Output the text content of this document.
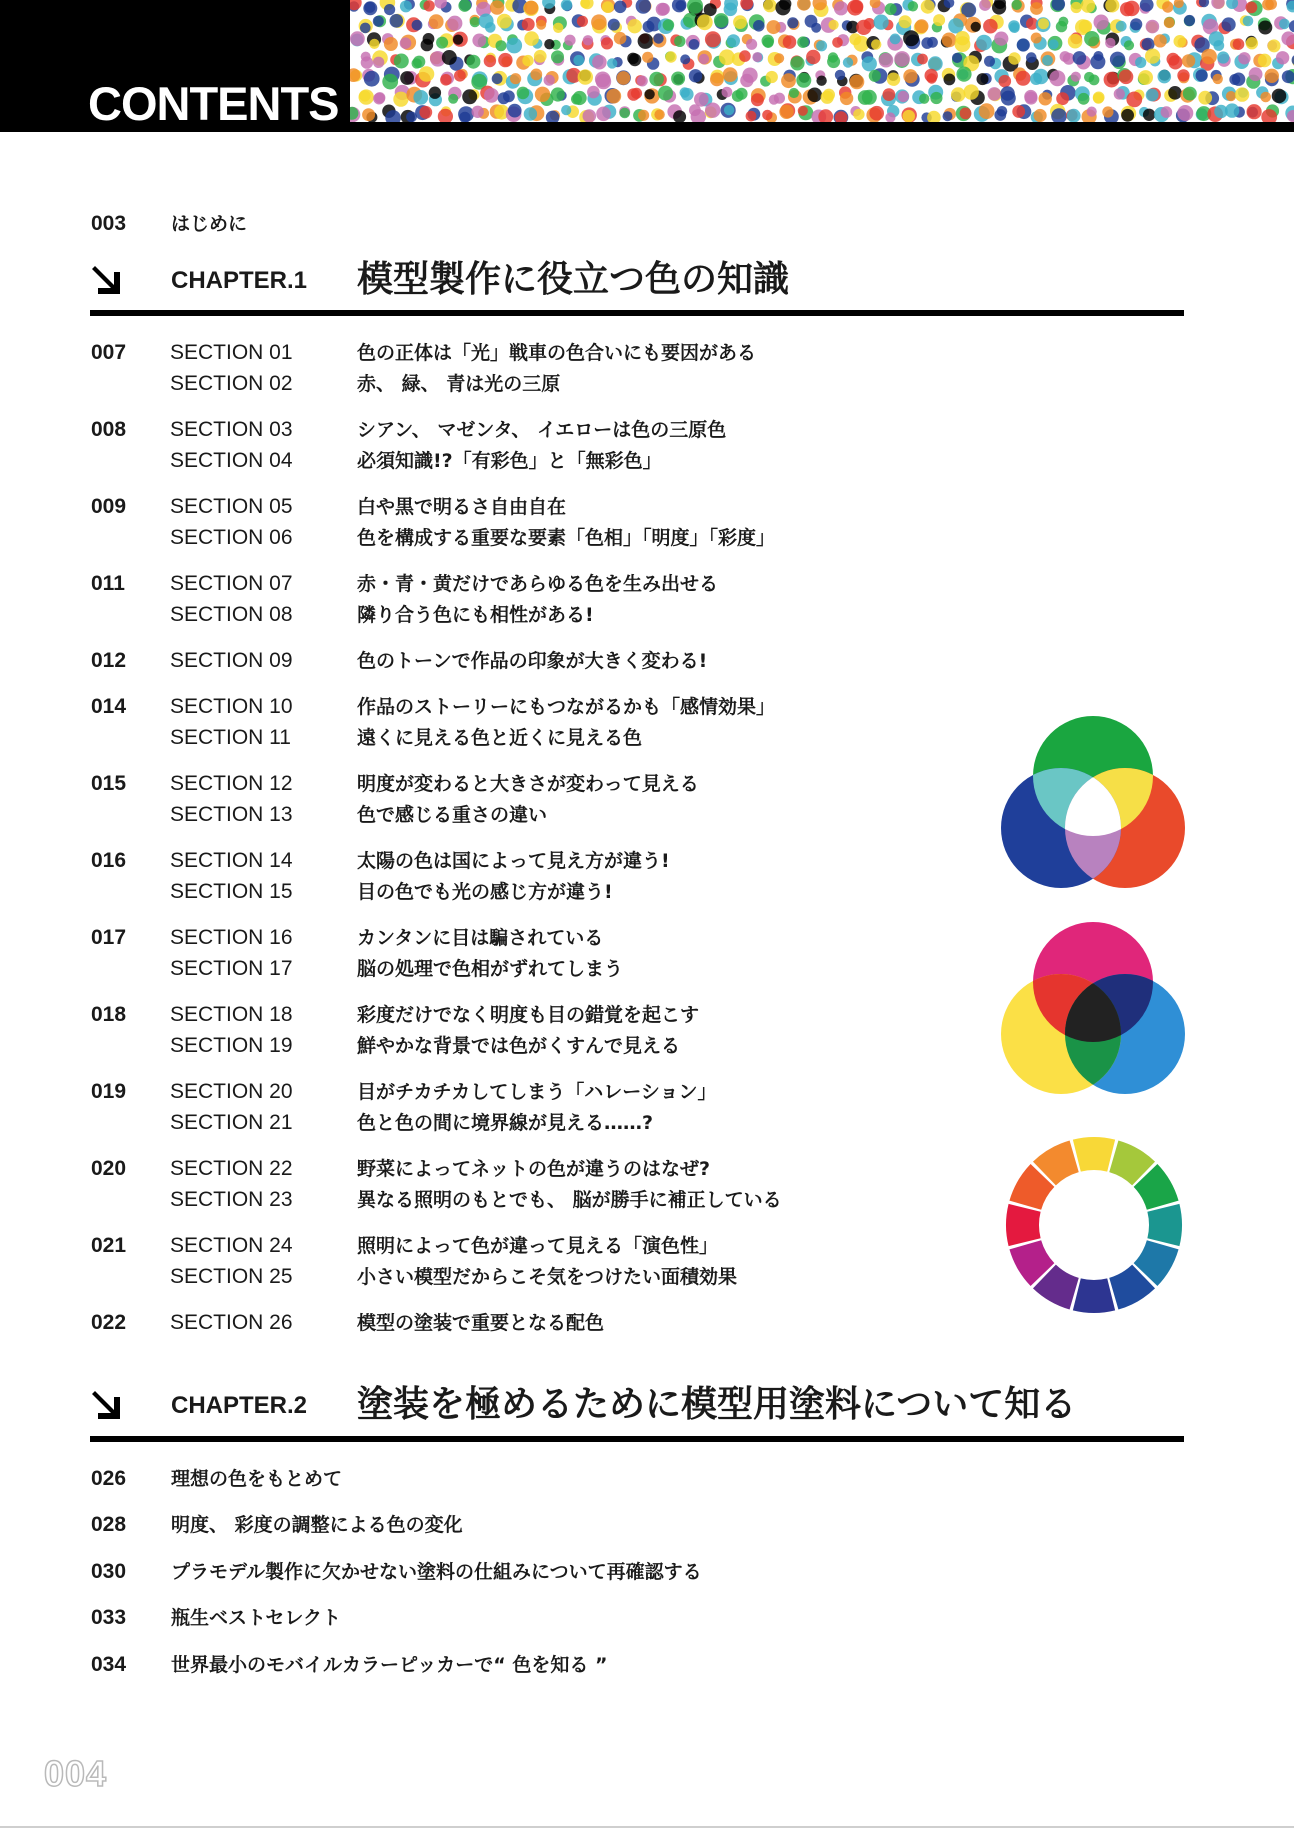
CONTENTS
003 はじめに
CHAPTER.1 模型製作に役立つ色の知識
007 SECTION 01	色の正体は「光」戦車の色合いにも要因がある
SECTION 02	赤、 緑、 青は光の三原
008 SECTION 03	シアン、 マゼンタ、 イエローは色の三原色
SECTION 04	必須知識!?「有彩色」と「無彩色」
009 SECTION 05	白や黒で明るさ自由自在
SECTION 06	色を構成する重要な要素「色相」「明度」「彩度」
011 SECTION 07	赤・青・黄だけであらゆる色を生み出せる
SECTION 08	隣り合う色にも相性がある!
012 SECTION 09	色のトーンで作品の印象が大きく変わる!
014 SECTION 10	作品のストーリーにもつながるかも「感情効果」
SECTION 11	遠くに見える色と近くに見える色
015 SECTION 12	明度が変わると大きさが変わって見える
SECTION 13	色で感じる重さの違い
016 SECTION 14	太陽の色は国によって見え方が違う!
SECTION 15	目の色でも光の感じ方が違う!
017 SECTION 16	カンタンに目は騙されている
SECTION 17	脳の処理で色相がずれてしまう
018 SECTION 18	彩度だけでなく明度も目の錯覚を起こす
SECTION 19	鮮やかな背景では色がくすんで見える
019 SECTION 20	目がチカチカしてしまう「ハレーション」
SECTION 21	色と色の間に境界線が見える……?
020 SECTION 22	野菜によってネットの色が違うのはなぜ?
SECTION 23	異なる照明のもとでも、 脳が勝手に補正している
021 SECTION 24	照明によって色が違って見える「演色性」
SECTION 25	小さい模型だからこそ気をつけたい面積効果
022 SECTION 26	模型の塗装で重要となる配色
CHAPTER.2 塗装を極めるために模型用塗料について知る
026 理想の色をもとめて
028 明度、 彩度の調整による色の変化
030 プラモデル製作に欠かせない塗料の仕組みについて再確認する
033 瓶生ベストセレクト
034 世界最小のモバイルカラーピッカーで“ 色を知る ”
004
